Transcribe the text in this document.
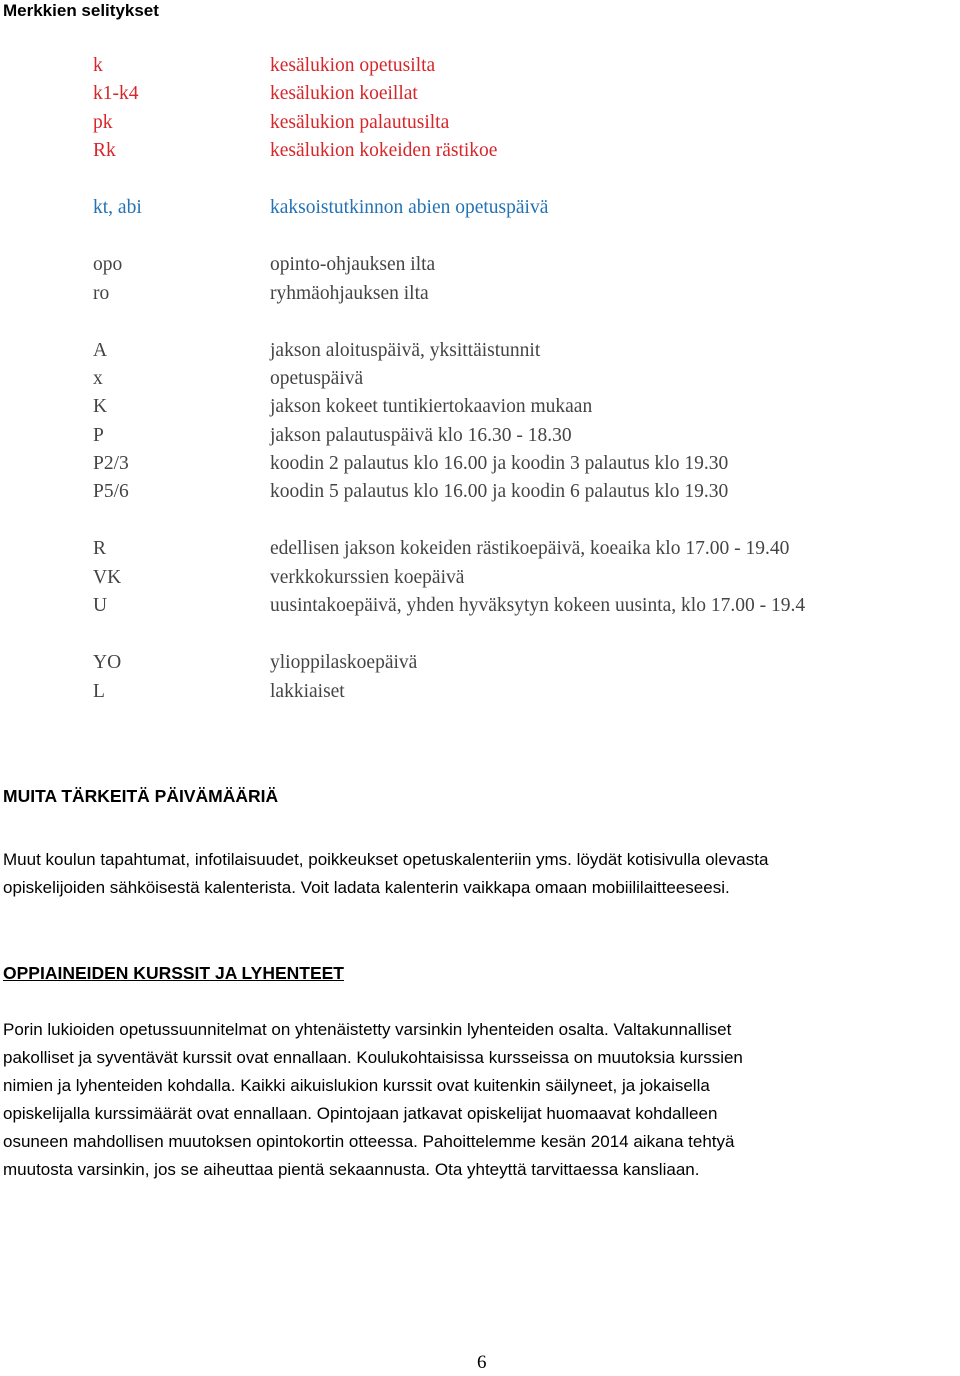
Merkkien selitykset
k	kesälukion opetusilta
k1-k4	kesälukion koeillat
pk	kesälukion palautusilta
Rk	kesälukion kokeiden rästikoe
kt, abi	kaksoistutkinnon abien opetuspäivä
opo	opinto-ohjauksen ilta
ro	ryhmäohjauksen ilta
A	jakson aloituspäivä, yksittäistunnit
x	opetuspäivä
K	jakson kokeet tuntikiertokaavion mukaan
P	jakson palautuspäivä klo 16.30 - 18.30
P2/3	koodin 2 palautus klo 16.00 ja koodin 3 palautus klo 19.30
P5/6	koodin 5 palautus klo 16.00 ja koodin 6 palautus klo 19.30
R	edellisen jakson kokeiden rästikoepäivä, koeaika klo 17.00 - 19.40
VK	verkkokurssien koepäivä
U	uusintakoepäivä, yhden hyväksytyn kokeen uusinta, klo 17.00 - 19.4
YO	ylioppilaskoepäivä
L	lakkiaiset
MUITA TÄRKEITÄ PÄIVÄMÄÄRIÄ
Muut koulun tapahtumat, infotilaisuudet, poikkeukset opetuskalenteriin yms. löydät kotisivulla olevasta
opiskelijoiden sähköisestä kalenterista. Voit ladata kalenterin vaikkapa omaan mobiililaitteeseesi.
OPPIAINEIDEN KURSSIT JA LYHENTEET
Porin lukioiden opetussuunnitelmat on yhtenäistetty varsinkin lyhenteiden osalta. Valtakunnalliset
pakolliset ja syventävät kurssit ovat ennallaan. Koulukohtaisissa kursseissa on muutoksia kurssien
nimien ja lyhenteiden kohdalla. Kaikki aikuislukion kurssit ovat kuitenkin säilyneet, ja jokaisella
opiskelijalla kurssimäärät ovat ennallaan. Opintojaan jatkavat opiskelijat huomaavat kohdalleen
osuneen mahdollisen muutoksen opintokortin otteessa. Pahoittelemme kesän 2014 aikana tehtyä
muutosta varsinkin, jos se aiheuttaa pientä sekaannusta. Ota yhteyttä tarvittaessa kansliaan.
6
